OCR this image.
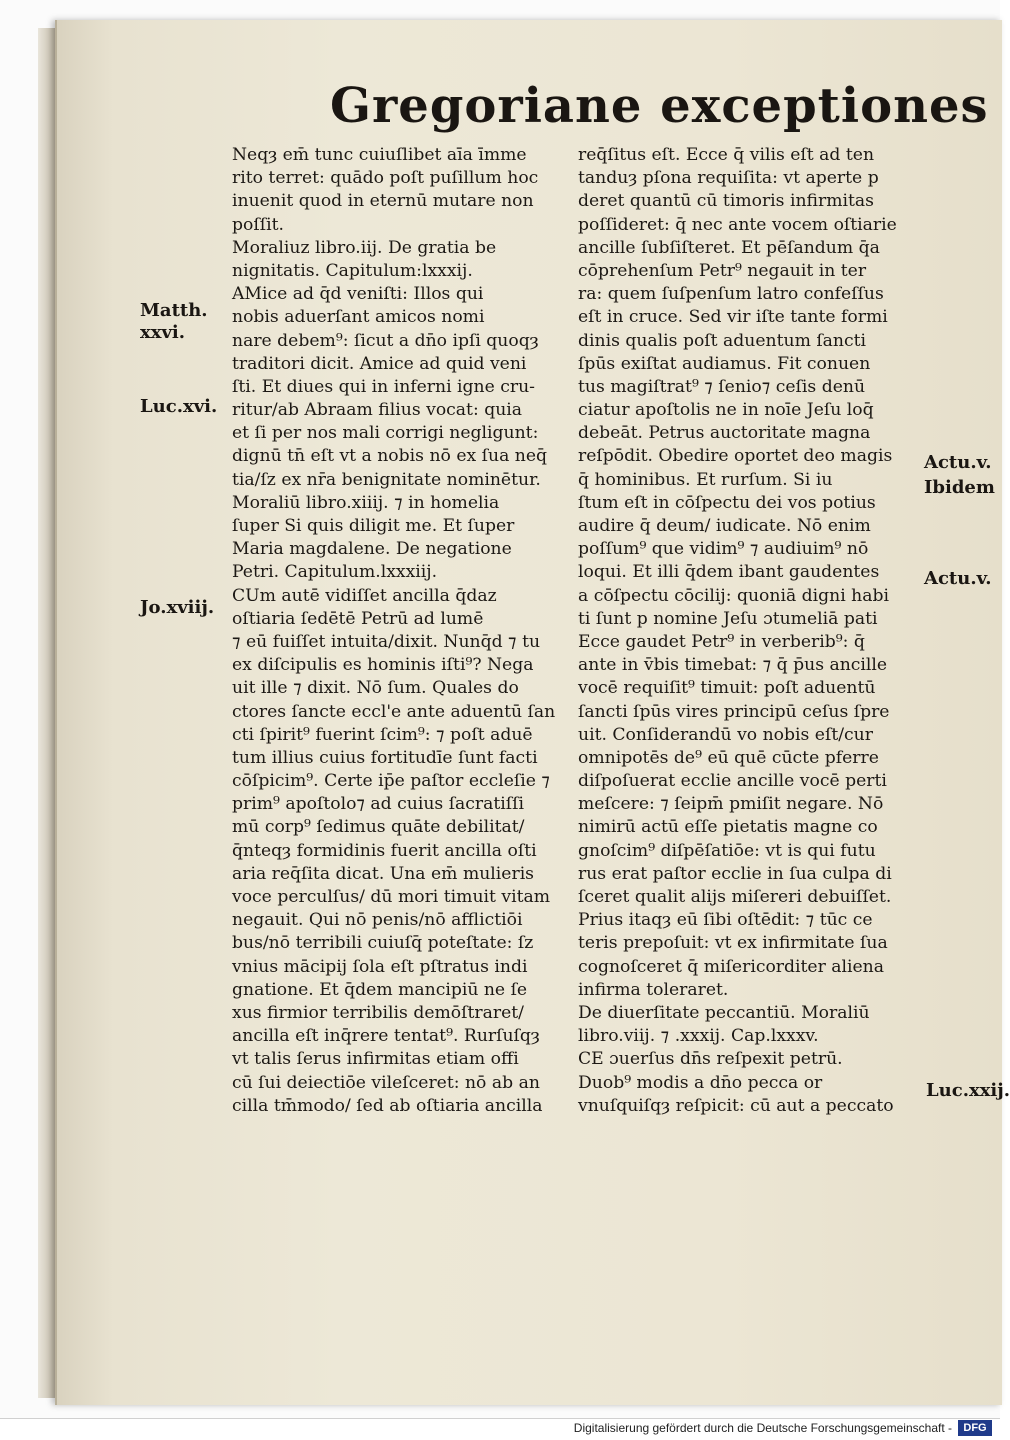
Gregoriane exceptiones
Neqȝ em̄ tunc cuiuſlibet aīa īmme
rito terret: quādo poſt puſillum hoc
inuenit quod in eternū mutare non
poſſit.
Moraliuz libro.iij. De gratia be
nignitatis. Capitulum:lxxxij.
AMice ad q̄d veniſti: Illos qui
nobis aduerſant amicos nomi
nare debem⁹: ſicut a dn̄o ipſi quoqȝ
traditori dicit. Amice ad quid veni
ſti. Et diues qui in inferni igne cru-
ritur/ab Abraam filius vocat: quia
et ſi per nos mali corrigi negligunt:
dignū tn̄ eſt vt a nobis nō ex ſua neq̄
tia/ſz ex nr̄a benignitate nominētur.
Moraliū libro.xiiij. ⁊ in homelia
ſuper Si quis diligit me. Et ſuper
Maria magdalene. De negatione
Petri. Capitulum.lxxxiij.
CUm autē vidiſſet ancilla q̄daz
oſtiaria ſedētē Petrū ad lumē
⁊ eū fuiſſet intuita/dixit. Nunq̄d ⁊ tu
ex diſcipulis es hominis iſti⁹? Nega
uit ille ⁊ dixit. Nō ſum. Quales do
ctores ſancte eccl'e ante aduentū ſan
cti ſpirit⁹ fuerint ſcim⁹: ⁊ poſt aduē
tum illius cuius fortitudīe ſunt facti
cōſpicim⁹. Certe ip̄e paſtor eccleſie ⁊
prim⁹ apoſtolo⁊ ad cuius ſacratiſſi
mū corp⁹ ſedimus quāte debilitat/
q̄nteqȝ formidinis fuerit ancilla oſti
aria req̄ſita dicat. Una em̄ mulieris
voce perculſus/ dū mori timuit vitam
negauit. Qui nō penis/nō afflictiōi
bus/nō terribili cuiuſq̄ poteſtate: ſz
vnius mācipij ſola eſt pſtratus indi
gnatione. Et q̄dem mancipiū ne ſe
xus firmior terribilis demōſtraret/
ancilla eſt inq̄rere tentat⁹. Rurſuſqȝ
vt talis ſerus infirmitas etiam offi
cū ſui deiectiōe vileſceret: nō ab an
cilla tm̄modo/ ſed ab oſtiaria ancilla
req̄ſitus eſt. Ecce q̄ vilis eſt ad ten
tanduȝ pſona requiſita: vt aperte p
deret quantū cū timoris infirmitas
poſſideret: q̄ nec ante vocem oſtiarie
ancille ſubſiſteret. Et pēſandum q̄a
cōprehenſum Petr⁹ negauit in ter
ra: quem ſuſpenſum latro confeſſus
eſt in cruce. Sed vir iſte tante formi
dinis qualis poſt aduentum ſancti
ſpūs exiſtat audiamus. Fit conuen
tus magiſtrat⁹ ⁊ ſenio⁊ ceſis denū
ciatur apoſtolis ne in noīe Jeſu loq̄
debeāt. Petrus auctoritate magna
reſpōdit. Obedire oportet deo magis
q̄ hominibus. Et rurſum. Si iu
ſtum eſt in cōſpectu dei vos potius
audire q̄ deum/ iudicate. Nō enim
poſſum⁹ que vidim⁹ ⁊ audiuim⁹ nō
loqui. Et illi q̄dem ibant gaudentes
a cōſpectu cōcilij: quoniā digni habi
ti ſunt p nomine Jeſu ɔtumeliā pati
Ecce gaudet Petr⁹ in verberib⁹: q̄
ante in v̄bis timebat: ⁊ q̄ p̄us ancille
vocē requiſit⁹ timuit: poſt aduentū
ſancti ſpūs vires principū ceſus ſpre
uit. Conſiderandū vo nobis eſt/cur
omnipotēs de⁹ eū quē cūcte pferre
diſpoſuerat ecclie ancille vocē perti
meſcere: ⁊ ſeipm̄ pmiſit negare. Nō
nimirū actū eſſe pietatis magne co
gnoſcim⁹ diſpēſatiōe: vt is qui futu
rus erat paſtor ecclie in ſua culpa di
ſceret qualit alijs miſereri debuiſſet.
Prius itaqȝ eū ſibi oſtēdit: ⁊ tūc ce
teris prepoſuit: vt ex infirmitate ſua
cognoſceret q̄ miſericorditer aliena
infirma toleraret.
De diuerſitate peccantiū. Moraliū
libro.viij. ⁊ .xxxij. Cap.lxxxv.
CE ɔuerſus dn̄s reſpexit petrū.
Duob⁹ modis a dn̄o pecca or
vnuſquiſqȝ reſpicit: cū aut a peccato
Matth.
xxvi.
Luc.xvi.
Jo.xviij.
Actu.v.
Ibidem
Actu.v.
Luc.xxij.
Digitalisierung gefördert durch die Deutsche Forschungsgemeinschaft -	DFG
